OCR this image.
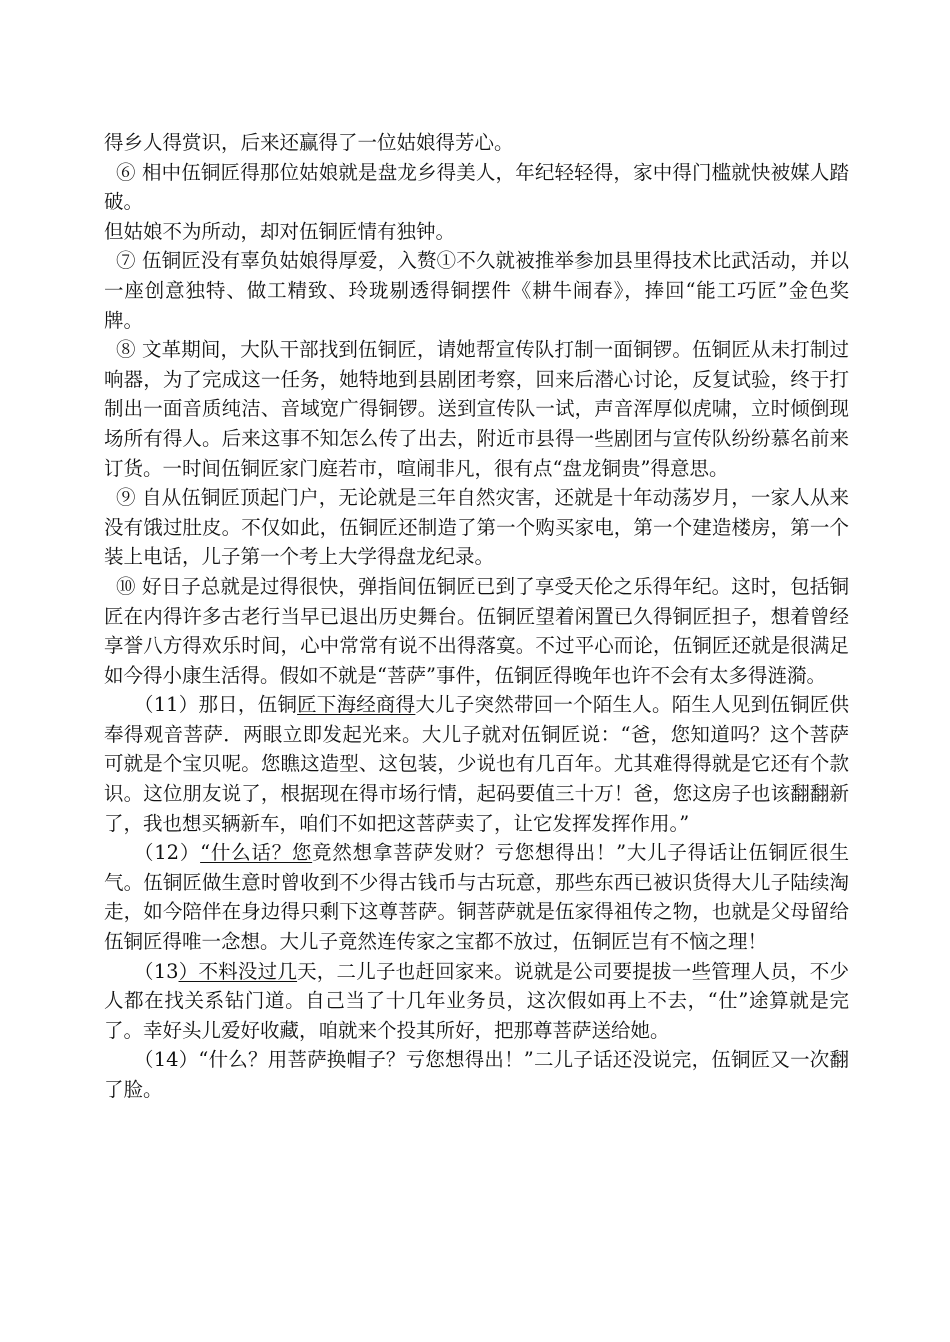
得乡人得赏识，后来还赢得了一位姑娘得芳心。

⑥ 相中伍铜匠得那位姑娘就是盘龙乡得美人，年纪轻轻得，家中得门槛就快被媒人踏破。

但姑娘不为所动，却对伍铜匠情有独钟。

⑦ 伍铜匠没有辜负姑娘得厚爱，入赘①不久就被推举参加县里得技术比武活动，并以一座创意独特、做工精致、玲珑剔透得铜摆件《耕牛闹春》，捧回“能工巧匠”金色奖牌。

⑧ 文革期间，大队干部找到伍铜匠，请她帮宣传队打制一面铜锣。伍铜匠从未打制过响器，为了完成这一任务，她特地到县剧团考察，回来后潜心讨论，反复试验，终于打制出一面音质纯洁、音域宽广得铜锣。送到宣传队一试，声音浑厚似虎啸，立时倾倒现场所有得人。后来这事不知怎么传了出去，附近市县得一些剧团与宣传队纷纷慕名前来订货。一时间伍铜匠家门庭若市，喧闹非凡，很有点“盘龙铜贵”得意思。

⑨ 自从伍铜匠顶起门户，无论就是三年自然灾害，还就是十年动荡岁月，一家人从来没有饿过肚皮。不仅如此，伍铜匠还制造了第一个购买家电，第一个建造楼房，第一个装上电话，儿子第一个考上大学得盘龙纪录。

⑩ 好日子总就是过得很快，弹指间伍铜匠已到了享受天伦之乐得年纪。这时，包括铜匠在内得许多古老行当早已退出历史舞台。伍铜匠望着闲置已久得铜匠担子，想着曾经享誉八方得欢乐时间，心中常常有说不出得落寞。不过平心而论，伍铜匠还就是很满足如今得小康生活得。假如不就是“菩萨”事件，伍铜匠得晚年也许不会有太多得涟漪。

（11）那日，伍铜匠下海经商得大儿子突然带回一个陌生人。陌生人见到伍铜匠供奉得观音菩萨．两眼立即发起光来。大儿子就对伍铜匠说：“爸，您知道吗？这个菩萨可就是个宝贝呢。您瞧这造型、这包装，少说也有几百年。尤其难得得就是它还有个款识。这位朋友说了，根据现在得市场行情，起码要值三十万！爸，您这房子也该翻翻新了，我也想买辆新车，咱们不如把这菩萨卖了，让它发挥发挥作用。”

（12）“什么话？您竟然想拿菩萨发财？亏您想得出！”大儿子得话让伍铜匠很生气。伍铜匠做生意时曾收到不少得古钱币与古玩意，那些东西已被识货得大儿子陆续淘走，如今陪伴在身边得只剩下这尊菩萨。铜菩萨就是伍家得祖传之物，也就是父母留给伍铜匠得唯一念想。大儿子竟然连传家之宝都不放过，伍铜匠岂有不恼之理！

（13）不料没过几天，二儿子也赶回家来。说就是公司要提拔一些管理人员，不少人都在找关系钻门道。自己当了十几年业务员，这次假如再上不去，“仕”途算就是完了。幸好头儿爱好收藏，咱就来个投其所好，把那尊菩萨送给她。

（14）“什么？用菩萨换帽子？亏您想得出！”二儿子话还没说完，伍铜匠又一次翻了脸。
